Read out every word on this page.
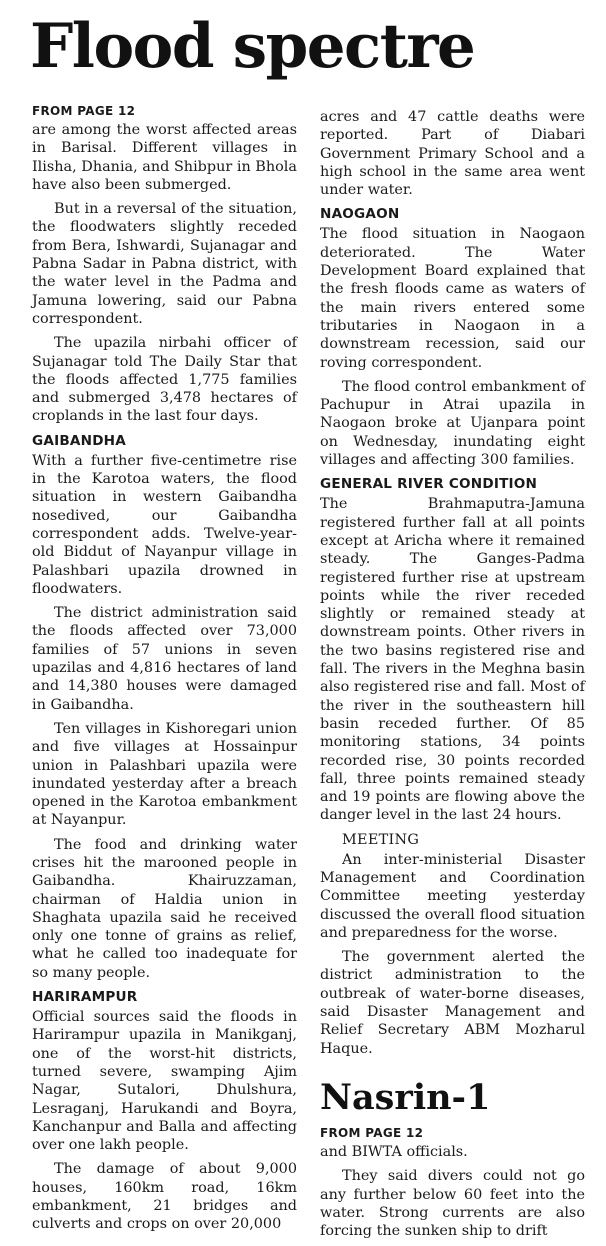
Flood spectre
FROM PAGE 12

are among the worst affected areas in Barisal. Different villages in Ilisha, Dhania, and Shibpur in Bhola have also been submerged.

But in a reversal of the situation, the floodwaters slightly receded from Bera, Ishwardi, Sujanagar and Pabna Sadar in Pabna district, with the water level in the Padma and Jamuna lowering, said our Pabna correspondent.

The upazila nirbahi officer of Sujanagar told The Daily Star that the floods affected 1,775 families and submerged 3,478 hectares of croplands in the last four days.

GAIBANDHA

With a further five-centimetre rise in the Karotoa waters, the flood situation in western Gaibandha nosedived, our Gaibandha correspondent adds. Twelve-year-old Biddut of Nayanpur village in Palashbari upazila drowned in floodwaters.

The district administration said the floods affected over 73,000 families of 57 unions in seven upazilas and 4,816 hectares of land and 14,380 houses were damaged in Gaibandha.

Ten villages in Kishoregari union and five villages at Hossainpur union in Palashbari upazila were inundated yesterday after a breach opened in the Karotoa embankment at Nayanpur.

The food and drinking water crises hit the marooned people in Gaibandha. Khairuzzaman, chairman of Haldia union in Shaghata upazila said he received only one tonne of grains as relief, what he called too inadequate for so many people.

HARIRAMPUR

Official sources said the floods in Harirampur upazila in Manikganj, one of the worst-hit districts, turned severe, swamping Ajim Nagar, Sutalori, Dhulshura, Lesraganj, Harukandi and Boyra, Kanchanpur and Balla and affecting over one lakh people.

The damage of about 9,000 houses, 160km road, 16km embankment, 21 bridges and culverts and crops on over 20,000

acres and 47 cattle deaths were reported. Part of Diabari Government Primary School and a high school in the same area went under water.

NAOGAON

The flood situation in Naogaon deteriorated. The Water Development Board explained that the fresh floods came as waters of the main rivers entered some tributaries in Naogaon in a downstream recession, said our roving correspondent.

The flood control embankment of Pachupur in Atrai upazila in Naogaon broke at Ujanpara point on Wednesday, inundating eight villages and affecting 300 families.

GENERAL RIVER CONDITION

The Brahmaputra-Jamuna registered further fall at all points except at Aricha where it remained steady. The Ganges-Padma registered further rise at upstream points while the river receded slightly or remained steady at downstream points. Other rivers in the two basins registered rise and fall. The rivers in the Meghna basin also registered rise and fall. Most of the river in the southeastern hill basin receded further. Of 85 monitoring stations, 34 points recorded rise, 30 points recorded fall, three points remained steady and 19 points are flowing above the danger level in the last 24 hours.

MEETING

An inter-ministerial Disaster Management and Coordination Committee meeting yesterday discussed the overall flood situation and preparedness for the worse.

The government alerted the district administration to the outbreak of water-borne diseases, said Disaster Management and Relief Secretary ABM Mozharul Haque.

Nasrin-1
FROM PAGE 12

and BIWTA officials.

They said divers could not go any further below 60 feet into the water. Strong currents are also forcing the sunken ship to drift
